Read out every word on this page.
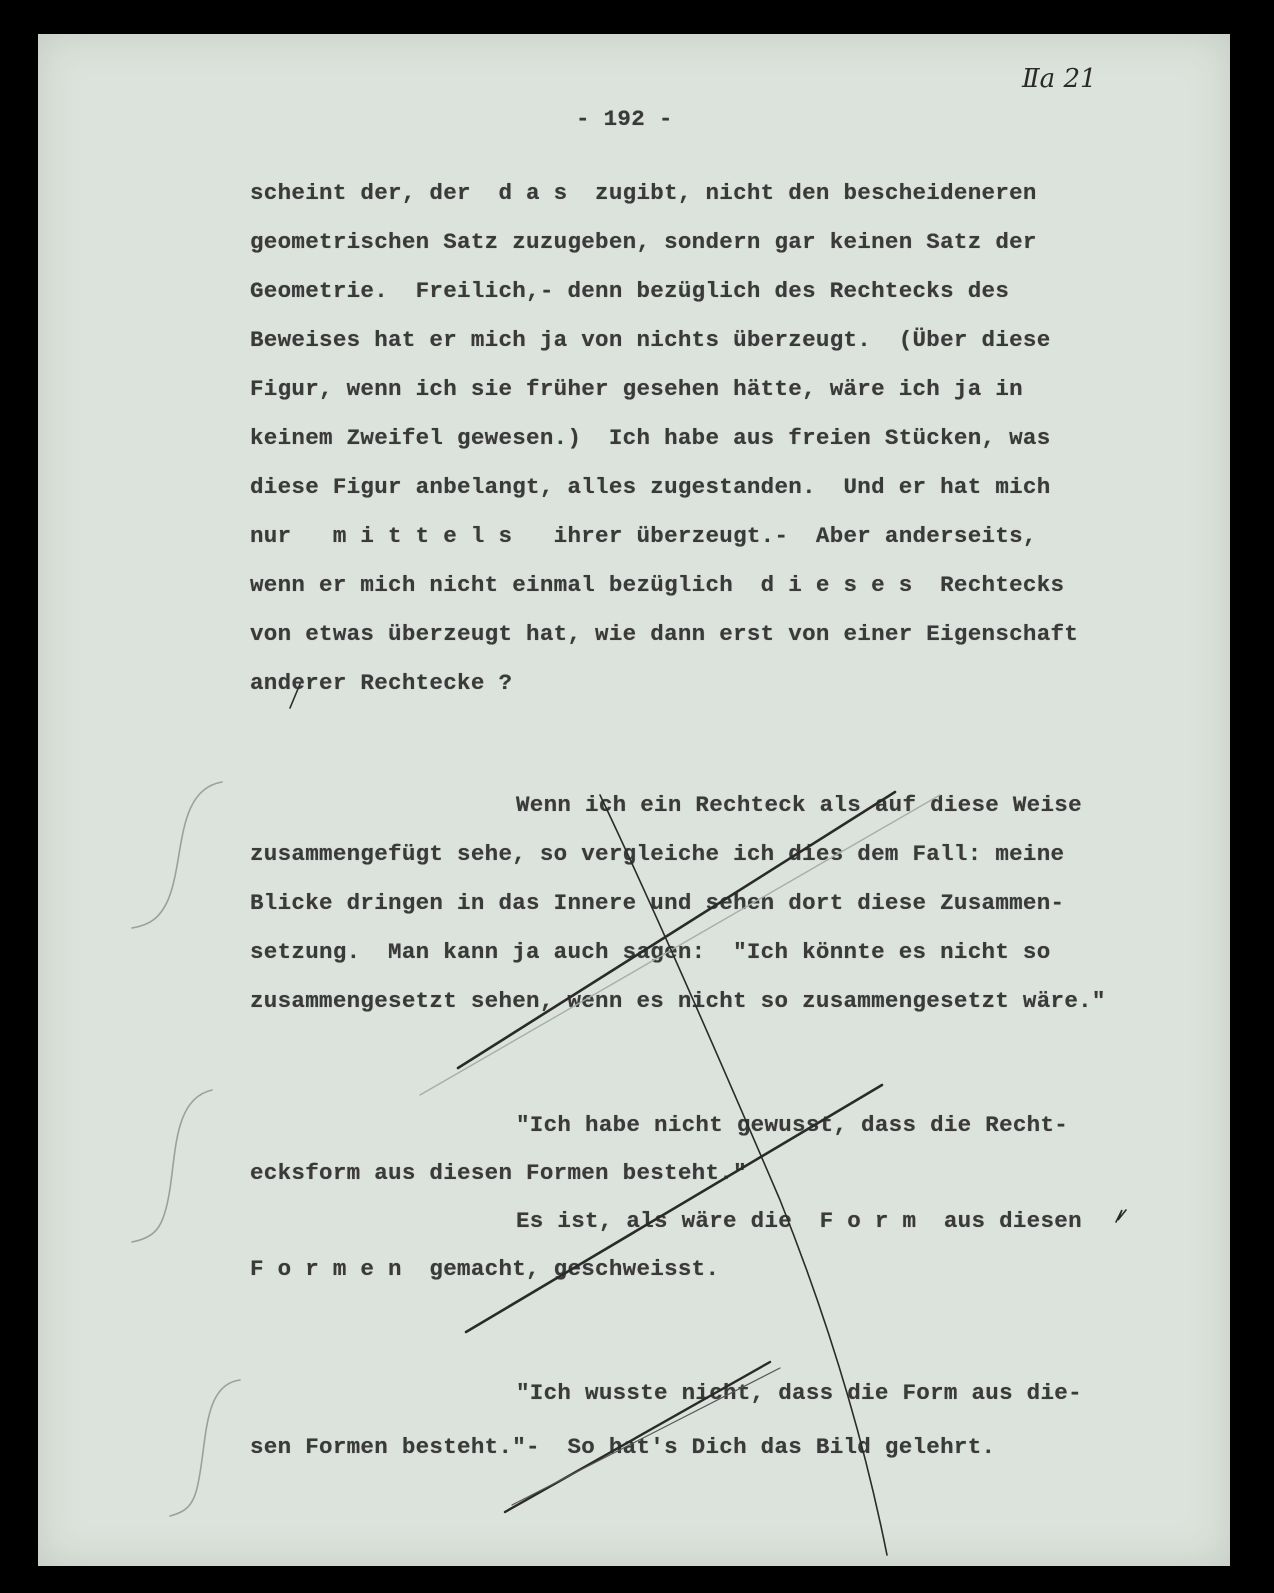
Ⅱa 21
- 192 -
scheint der, der  d a s  zugibt, nicht den bescheideneren
geometrischen Satz zuzugeben, sondern gar keinen Satz der
Geometrie.  Freilich,- denn bezüglich des Rechtecks des
Beweises hat er mich ja von nichts überzeugt.  (Über diese
Figur, wenn ich sie früher gesehen hätte, wäre ich ja in
keinem Zweifel gewesen.)  Ich habe aus freien Stücken, was
diese Figur anbelangt, alles zugestanden.  Und er hat mich
nur   m i t t e l s   ihrer überzeugt.-  Aber anderseits,
wenn er mich nicht einmal bezüglich  d i e s e s  Rechtecks
von etwas überzeugt hat, wie dann erst von einer Eigenschaft
anderer Rechtecke ?
Wenn ich ein Rechteck als auf diese Weise
zusammengefügt sehe, so vergleiche ich dies dem Fall: meine
Blicke dringen in das Innere und sehen dort diese Zusammen-
setzung.  Man kann ja auch sagen:  "Ich könnte es nicht so
zusammengesetzt sehen, wenn es nicht so zusammengesetzt wäre."
"Ich habe nicht gewusst, dass die Recht-
ecksform aus diesen Formen besteht."
Es ist, als wäre die  F o r m  aus diesen
F o r m e n  gemacht, geschweisst.
"Ich wusste nicht, dass die Form aus die-
sen Formen besteht."-  So hat's Dich das Bild gelehrt.
